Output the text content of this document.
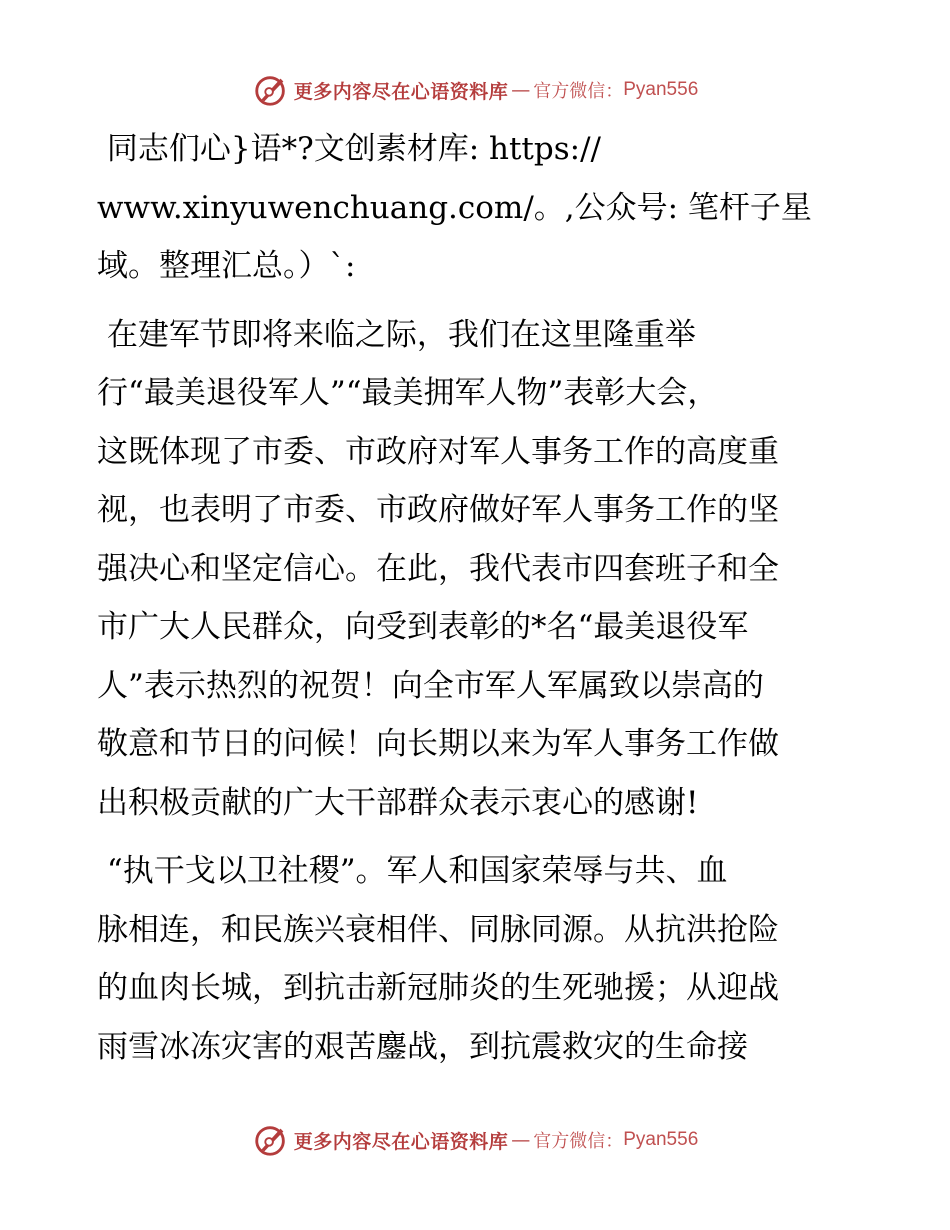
更多内容尽在心语资料库 — 官方微信： Pyan556

同志们心}语*?文创素材库: https://
www.xinyuwenchuang.com/。,公众号: 笔杆子星
域。整理汇总。）`:

在建军节即将来临之际，我们在这里隆重举
行“最美退役军人”“最美拥军人物”表彰大会，
这既体现了市委、市政府对军人事务工作的高度重
视，也表明了市委、市政府做好军人事务工作的坚
强决心和坚定信心。在此，我代表市四套班子和全
市广大人民群众，向受到表彰的*名“最美退役军
人”表示热烈的祝贺！向全市军人军属致以崇高的
敬意和节日的问候！向长期以来为军人事务工作做
出积极贡献的广大干部群众表示衷心的感谢!

“执干戈以卫社稷”。军人和国家荣辱与共、血
脉相连，和民族兴衰相伴、同脉同源。从抗洪抢险
的血肉长城，到抗击新冠肺炎的生死驰援；从迎战
雨雪冰冻灾害的艰苦鏖战，到抗震救灾的生命接

更多内容尽在心语资料库 — 官方微信： Pyan556
